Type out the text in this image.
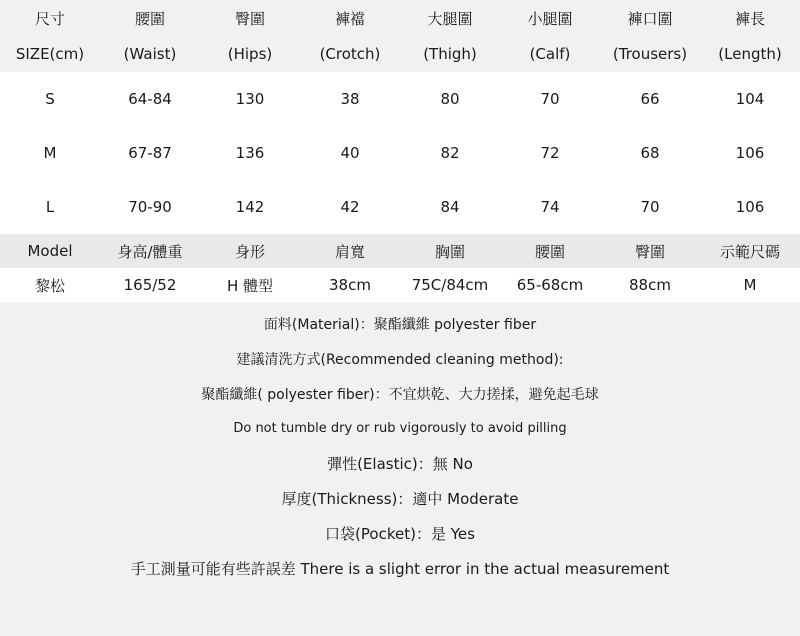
尺寸	腰圍	臀圍	褲襠	大腿圍	小腿圍	褲口圍	褲長
SIZE(cm)	(Waist)	(Hips)	(Crotch)	(Thigh)	(Calf)	(Trousers)	(Length)
S	64-84	130	38	80	70	66	104
M	67-87	136	40	82	72	68	106
L	70-90	142	42	84	74	70	106
Model	身高/體重	身形	肩寬	胸圍	腰圍	臀圍	示範尺碼
黎松	165/52	H 體型	38cm	75C/84cm	65-68cm	88cm	M
面料(Material)：聚酯纖維 polyester fiber
建議清洗方式(Recommended cleaning method):
聚酯纖維( polyester fiber)：不宜烘乾、大力搓揉，避免起毛球
Do not tumble dry or rub vigorously to avoid pilling
彈性(Elastic)：無 No
厚度(Thickness)：適中 Moderate
口袋(Pocket)：是 Yes
手工測量可能有些許誤差 There is a slight error in the actual measurement
